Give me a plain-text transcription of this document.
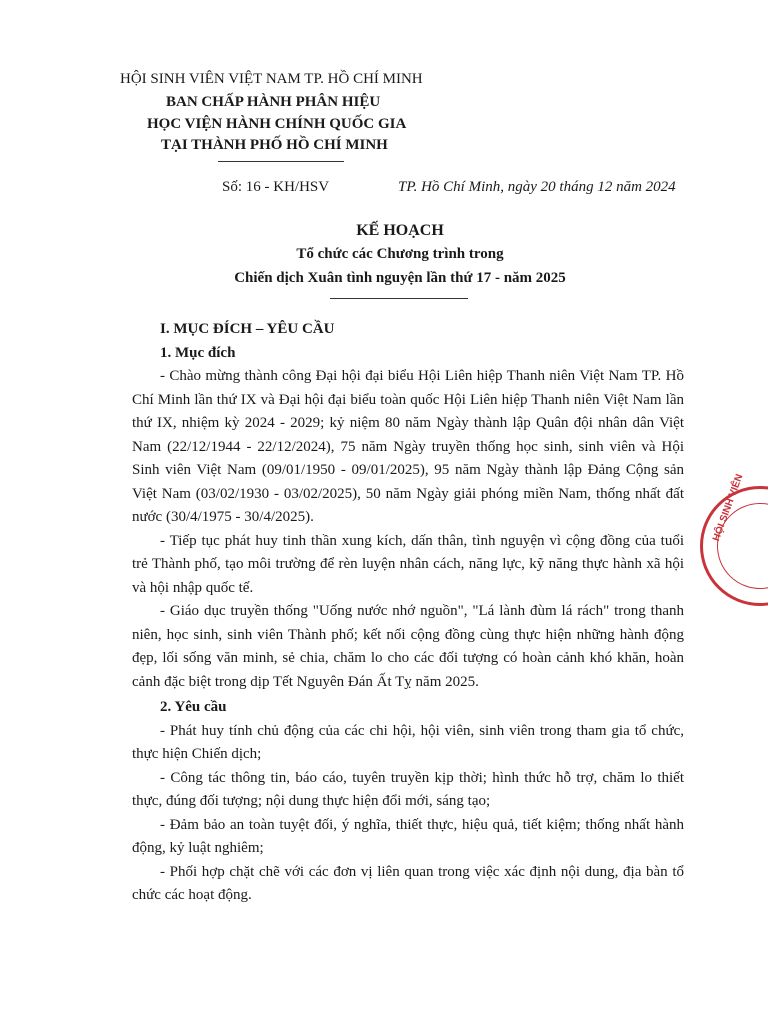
HỘI SINH VIÊN VIỆT NAM TP. HỒ CHÍ MINH
BAN CHẤP HÀNH PHÂN HIỆU
HỌC VIỆN HÀNH CHÍNH QUỐC GIA
TẠI THÀNH PHỐ HỒ CHÍ MINH
Số: 16 - KH/HSV	TP. Hồ Chí Minh, ngày 20 tháng 12 năm 2024
KẾ HOẠCH
Tổ chức các Chương trình trong
Chiến dịch Xuân tình nguyện lần thứ 17 - năm 2025

I. MỤC ĐÍCH – YÊU CẦU

1. Mục đích

- Chào mừng thành công Đại hội đại biểu Hội Liên hiệp Thanh niên Việt Nam TP. Hồ Chí Minh lần thứ IX và Đại hội đại biểu toàn quốc Hội Liên hiệp Thanh niên Việt Nam lần thứ IX, nhiệm kỳ 2024 - 2029; kỷ niệm 80 năm Ngày thành lập Quân đội nhân dân Việt Nam (22/12/1944 - 22/12/2024), 75 năm Ngày truyền thống học sinh, sinh viên và Hội Sinh viên Việt Nam (09/01/1950 - 09/01/2025), 95 năm Ngày thành lập Đảng Cộng sản Việt Nam (03/02/1930 - 03/02/2025), 50 năm Ngày giải phóng miền Nam, thống nhất đất nước (30/4/1975 - 30/4/2025).

- Tiếp tục phát huy tinh thần xung kích, dấn thân, tình nguyện vì cộng đồng của tuổi trẻ Thành phố, tạo môi trường để rèn luyện nhân cách, năng lực, kỹ năng thực hành xã hội và hội nhập quốc tế.

- Giáo dục truyền thống "Uống nước nhớ nguồn", "Lá lành đùm lá rách" trong thanh niên, học sinh, sinh viên Thành phố; kết nối cộng đồng cùng thực hiện những hành động đẹp, lối sống văn minh, sẻ chia, chăm lo cho các đối tượng có hoàn cảnh khó khăn, hoàn cảnh đặc biệt trong dịp Tết Nguyên Đán Ất Tỵ năm 2025.

2. Yêu cầu

- Phát huy tính chủ động của các chi hội, hội viên, sinh viên trong tham gia tổ chức, thực hiện Chiến dịch;

- Công tác thông tin, báo cáo, tuyên truyền kịp thời; hình thức hỗ trợ, chăm lo thiết thực, đúng đối tượng; nội dung thực hiện đổi mới, sáng tạo;

- Đảm bảo an toàn tuyệt đối, ý nghĩa, thiết thực, hiệu quả, tiết kiệm; thống nhất hành động, kỷ luật nghiêm;

- Phối hợp chặt chẽ với các đơn vị liên quan trong việc xác định nội dung, địa bàn tổ chức các hoạt động.

HỘI SINH VIÊN
